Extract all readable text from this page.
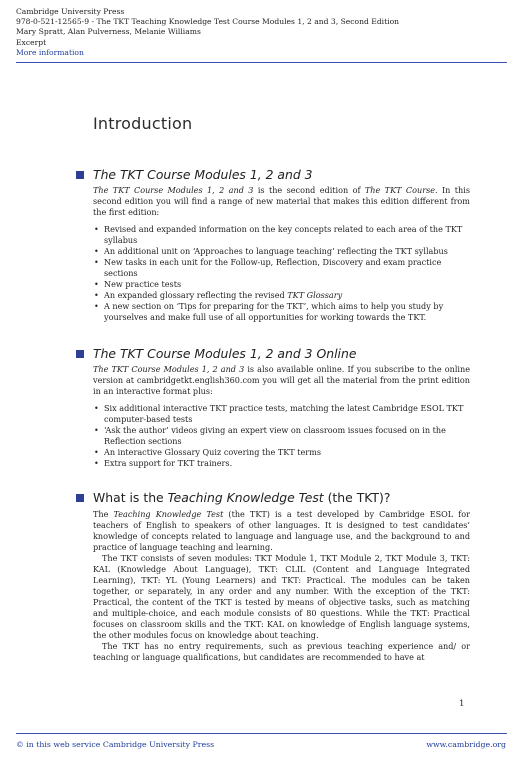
Cambridge University Press
978-0-521-12565-9 - The TKT Teaching Knowledge Test Course Modules 1, 2 and 3, Second Edition
Mary Spratt, Alan Pulverness, Melanie Williams
Excerpt
More information
Introduction
The TKT Course Modules 1, 2 and 3
The TKT Course Modules 1, 2 and 3 is the second edition of The TKT Course. In this second edition you will find a range of new material that makes this edition different from the first edition:
• Revised and expanded information on the key concepts related to each area of the TKT syllabus
• An additional unit on ‘Approaches to language teaching’ reflecting the TKT syllabus
• New tasks in each unit for the Follow-up, Reflection, Discovery and exam practice sections
• New practice tests
• An expanded glossary reflecting the revised TKT Glossary
• A new section on ‘Tips for preparing for the TKT’, which aims to help you study by yourselves and make full use of all opportunities for working towards the TKT.
The TKT Course Modules 1, 2 and 3 Online
The TKT Course Modules 1, 2 and 3 is also available online. If you subscribe to the online version at cambridgetkt.english360.com you will get all the material from the print edition in an interactive format plus:
• Six additional interactive TKT practice tests, matching the latest Cambridge ESOL TKT computer-based tests
• ‘Ask the author’ videos giving an expert view on classroom issues focused on in the Reflection sections
• An interactive Glossary Quiz covering the TKT terms
• Extra support for TKT trainers.
What is the Teaching Knowledge Test (the TKT)?
The Teaching Knowledge Test (the TKT) is a test developed by Cambridge ESOL for teachers of English to speakers of other languages. It is designed to test candidates’ knowledge of concepts related to language and language use, and the background to and practice of language teaching and learning.
The TKT consists of seven modules: TKT Module 1, TKT Module 2, TKT Module 3, TKT: KAL (Knowledge About Language), TKT: CLIL (Content and Language Integrated Learning), TKT: YL (Young Learners) and TKT: Practical. The modules can be taken together, or separately, in any order and any number. With the exception of the TKT: Practical, the content of the TKT is tested by means of objective tasks, such as matching and multiple-choice, and each module consists of 80 questions. While the TKT: Practical focuses on classroom skills and the TKT: KAL on knowledge of English language systems, the other modules focus on knowledge about teaching.
The TKT has no entry requirements, such as previous teaching experience and/ or teaching or language qualifications, but candidates are recommended to have at
1
© in this web service Cambridge University Press	www.cambridge.org
